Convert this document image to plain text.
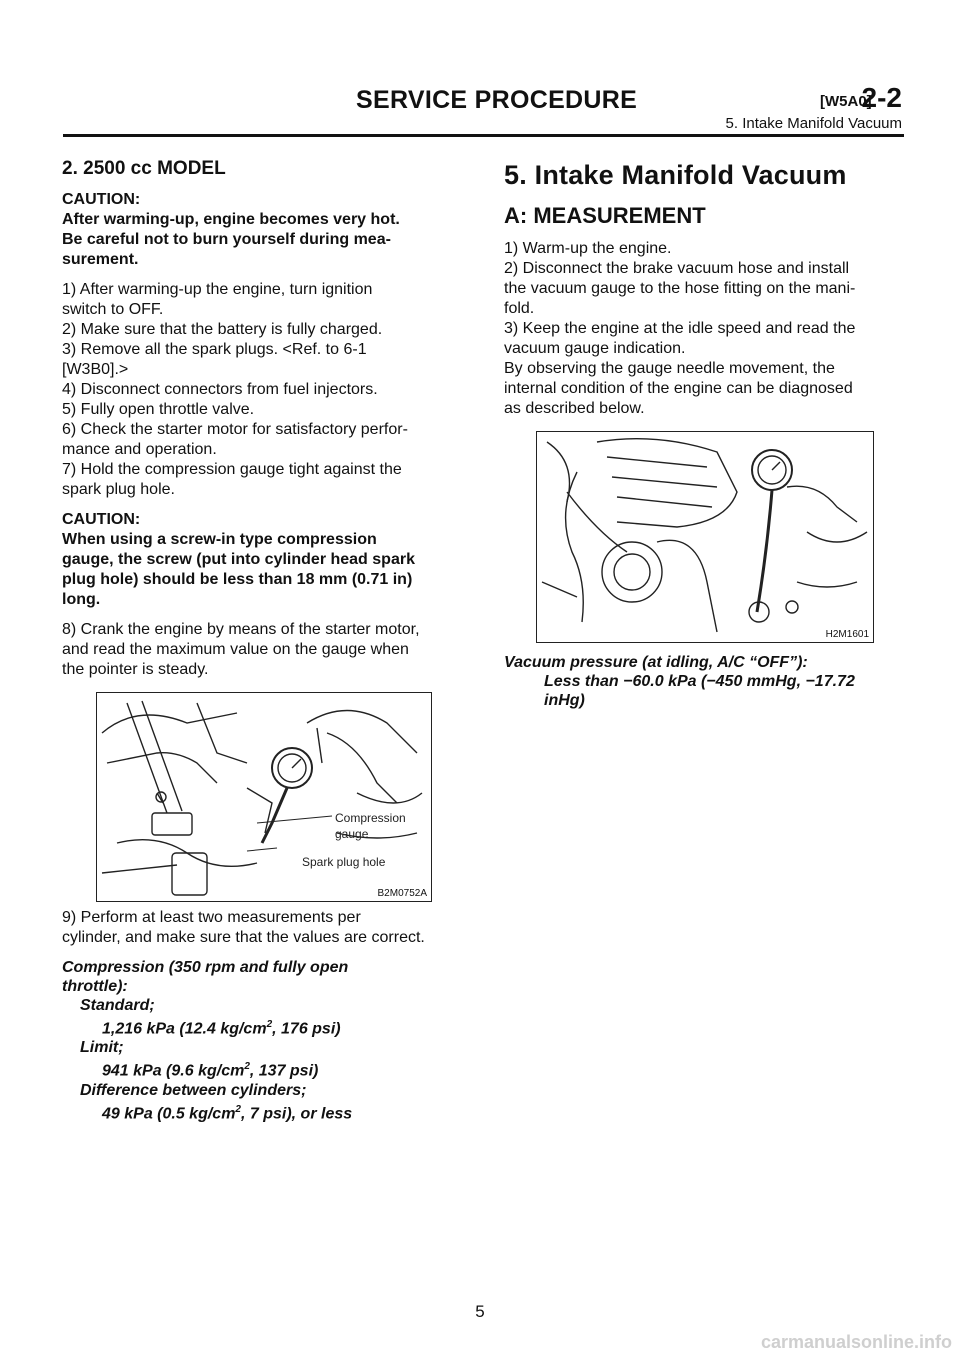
SERVICE PROCEDURE	[W5A0]
2-2
5. Intake Manifold Vacuum
2. 2500 cc MODEL
CAUTION:
After warming-up, engine becomes very hot.
Be careful not to burn yourself during mea-
surement.
1) After warming-up the engine, turn ignition
switch to OFF.
2) Make sure that the battery is fully charged.
3) Remove all the spark plugs. <Ref. to 6-1
[W3B0].>
4) Disconnect connectors from fuel injectors.
5) Fully open throttle valve.
6) Check the starter motor for satisfactory perfor-
mance and operation.
7) Hold the compression gauge tight against the
spark plug hole.
CAUTION:
When using a screw-in type compression
gauge, the screw (put into cylinder head spark
plug hole) should be less than 18 mm (0.71 in)
long.
8) Crank the engine by means of the starter motor,
and read the maximum value on the gauge when
the pointer is steady.
Compression
gauge
Spark plug hole
B2M0752A
9) Perform at least two measurements per
cylinder, and make sure that the values are correct.
Compression (350 rpm and fully open
throttle):
Standard;
1,216 kPa (12.4 $kg/cm^2$, 176 psi)
Limit;
941 kPa (9.6 $kg/cm^2$, 137 psi)
Difference between cylinders;
49 kPa (0.5 $kg/cm^2$, 7 psi), or less
5. Intake Manifold Vacuum
A: MEASUREMENT
1) Warm-up the engine.
2) Disconnect the brake vacuum hose and install
the vacuum gauge to the hose fitting on the mani-
fold.
3) Keep the engine at the idle speed and read the
vacuum gauge indication.
By observing the gauge needle movement, the
internal condition of the engine can be diagnosed
as described below.
H2M1601
Vacuum pressure (at idling, A/C “OFF”):
Less than −60.0 kPa (−450 mmHg, −17.72
inHg)
5
carmanualsonline.info
